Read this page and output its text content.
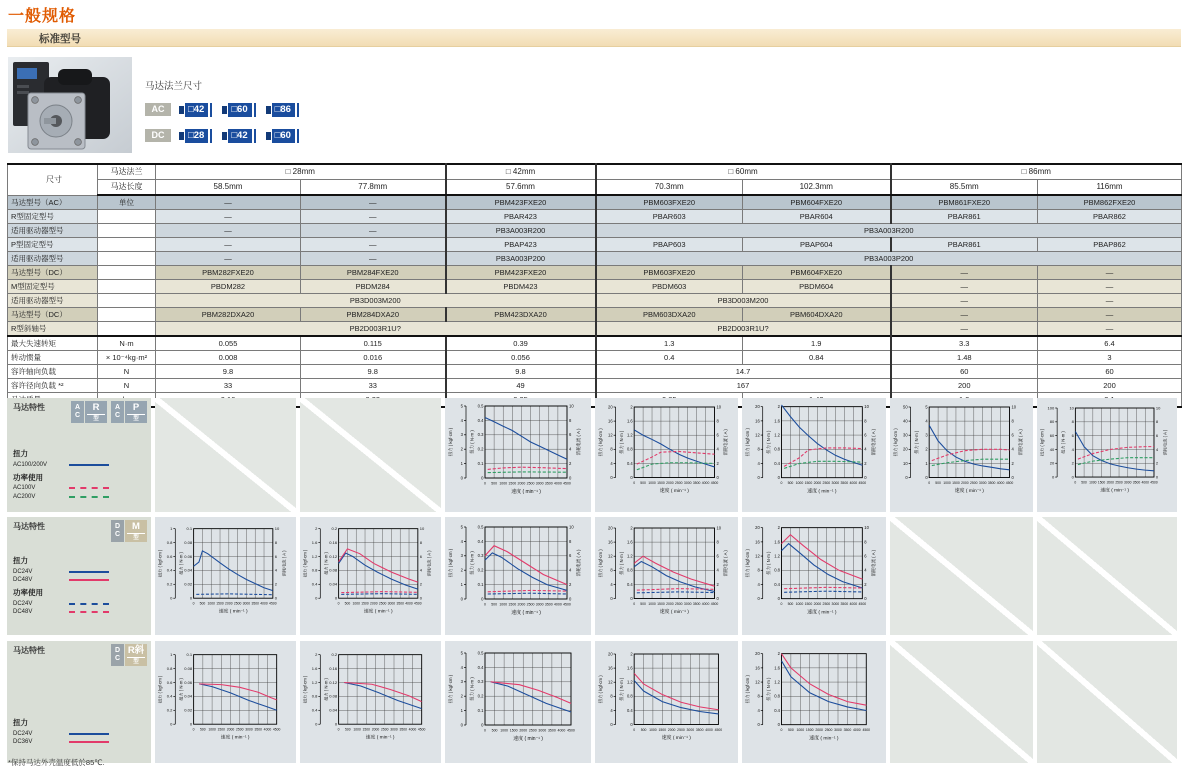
一般规格
标准型号
马达法兰尺寸
AC	□42	□60	□86
DC	□28	□42	□60
尺寸	马达法兰	□ 28mm		□ 42mm	□ 60mm		□ 86mm	
	马达长度	58.5mm	77.8mm	57.6mm	70.3mm	102.3mm	85.5mm	116mm
马达型号（AC）	单位	—	—	PBM423FXE20	PBM603FXE20	PBM604FXE20	PBM861FXE20	PBM862FXE20
R型固定型号		—	—	PBAR423	PBAR603	PBAR604	PBAR861	PBAR862
适用驱动器型号		—	—	PB3A003R200	PB3A003R200			
P型固定型号		—	—	PBAP423	PBAP603	PBAP604	PBAR861	PBAP862
适用驱动器型号		—	—	PB3A003P200	PB3A003P200			
马达型号（DC）		PBM282FXE20	PBM284FXE20	PBM423FXE20	PBM603FXE20	PBM604FXE20	—	—
M型固定型号		PBDM282	PBDM284	PBDM423	PBDM603	PBDM604	—	—
适用驱动器型号		PB3D003M200			PB3D003M200		—	—
马达型号（DC）		PBM282DXA20	PBM284DXA20	PBM423DXA20	PBM603DXA20	PBM604DXA20	—	—
R型斜轴号		PB2D003R1U?			PB2D003R1U?		—	—
最大失速转矩	N·m	0.055	0.115	0.39	1.3	1.9	3.3	6.4
转动惯量	× 10⁻⁴kg·m²	0.008	0.016	0.056	0.4	0.84	1.48	3
容许轴向负载	N	9.8	9.8	9.8	14.7		60	60
容许径向负载 *²	N	33	33	49	167		200	200

马达特性	A
C
R
型
A
C
P
型
扭力
AC100/200V
功率使用
AC100V
AC200V
0
0.1
0.2
0.3
0.4
0.5
0
1
2
3
4
5
扭力 ( kgf·cm )	扭力 ( N·m )
0
2
4
6
8
10
消耗电流 ( A )
0 500 1000 1500 2000 2500 3000 3500 4000 4500
速度 ( min⁻¹ )
0
0.4
0.8
1.2
1.6
2
0
4
8
12
16
20
扭力 ( kgf·cm )	扭力 ( N·m )
0
2
4
6
8
10
消耗电流 ( A )
0 500 1000 1500 2000 2500 3000 3500 4000 4500
速度 ( min⁻¹ )
0
0.4
0.8
1.2
1.6
2
0
4
8
12
16
20
扭力 ( kgf·cm )	扭力 ( N·m )
0
2
4
6
8
10
消耗电流 ( A )
0 500 1000 1500 2000 2500 3000 3500 4000 4500
速度 ( min⁻¹ )
0
1
2
3
4
5
0
10
20
30
40
50
扭力 ( kgf·cm )	扭力 ( N·m )
0
2
4
6
8
10
消耗电流 ( A )
0 500 1000 1500 2000 2500 3000 3500 4000 4500
速度 ( min⁻¹ )
0
2
4
6
8
10
0
20
40
60
80
100
扭力 ( kgf·cm )	扭力 ( N·m )
0
2
4
6
8
10
消耗电流 ( A )
0 500 1000 1500 2000 2500 3000 3500 4000 4500
速度 ( min⁻¹ )
马达特性	D
C
M
型
扭力
DC24V
DC48V
功率使用
DC24V
DC48V
0
0.02
0.04
0.06
0.08
0.1
0
0.2
0.4
0.6
0.8
1
扭力 ( kgf·cm )	扭力 ( N·m )
0
2
4
6
8
10
消耗电流 ( A )
0 500 1000 1500 2000 2500 3000 3500 4000 4500
速度 ( min⁻¹ )
0
0.04
0.08
0.12
0.16
0.2
0
0.4
0.8
1.2
1.6
2
扭力 ( kgf·cm )	扭力 ( N·m )
0
2
4
6
8
10
消耗电流 ( A )
0 500 1000 1500 2000 2500 3000 3500 4000 4500
速度 ( min⁻¹ )
0
0.1
0.2
0.3
0.4
0.5
0
1
2
3
4
5
扭力 ( kgf·cm )	扭力 ( N·m )
0
2
4
6
8
10
消耗电流 ( A )
0 500 1000 1500 2000 2500 3000 3500 4000 4500
速度 ( min⁻¹ )
0
0.4
0.8
1.2
1.6
2
0
4
8
12
16
20
扭力 ( kgf·cm )	扭力 ( N·m )
0
2
4
6
8
10
消耗电流 ( A )
0 500 1000 1500 2000 2500 3000 3500 4000 4500
速度 ( min⁻¹ )
0
0.4
0.8
1.2
1.6
2
0
4
8
12
16
20
扭力 ( kgf·cm )	扭力 ( N·m )
0
2
4
6
8
10
消耗电流 ( A )
0 500 1000 1500 2000 2500 3000 3500 4000 4500
速度 ( min⁻¹ )
马达特性	D
C
R斜
型
扭力
DC24V
DC36V
0
0.02
0.04
0.06
0.08
0.1
0
0.2
0.4
0.6
0.8
1
扭力 ( kgf·cm )	扭力 ( N·m )
0 500 1000 1500 2000 2500 3000 3500 4000 4500
速度 ( min⁻¹ )
0
0.04
0.08
0.12
0.16
0.2
0
0.4
0.8
1.2
1.6
2
扭力 ( kgf·cm )	扭力 ( N·m )
0 500 1000 1500 2000 2500 3000 3500 4000 4500
速度 ( min⁻¹ )
0
0.1
0.2
0.3
0.4
0.5
0
1
2
3
4
5
扭力 ( kgf·cm )	扭力 ( N·m )
0 500 1000 1500 2000 2500 3000 3500 4000 4500
速度 ( min⁻¹ )
0
0.4
0.8
1.2
1.6
2
0
4
8
12
16
20
扭力 ( kgf·cm )	扭力 ( N·m )
0 500 1000 1500 2000 2500 3000 3500 4000 4500
速度 ( min⁻¹ )
0
0.4
0.8
1.2
1.6
2
0
4
8
12
16
20
扭力 ( kgf·cm )	扭力 ( N·m )
0 500 1000 1500 2000 2500 3000 3500 4000 4500
速度 ( min⁻¹ )
*保持马达外壳温度低於85℃.
